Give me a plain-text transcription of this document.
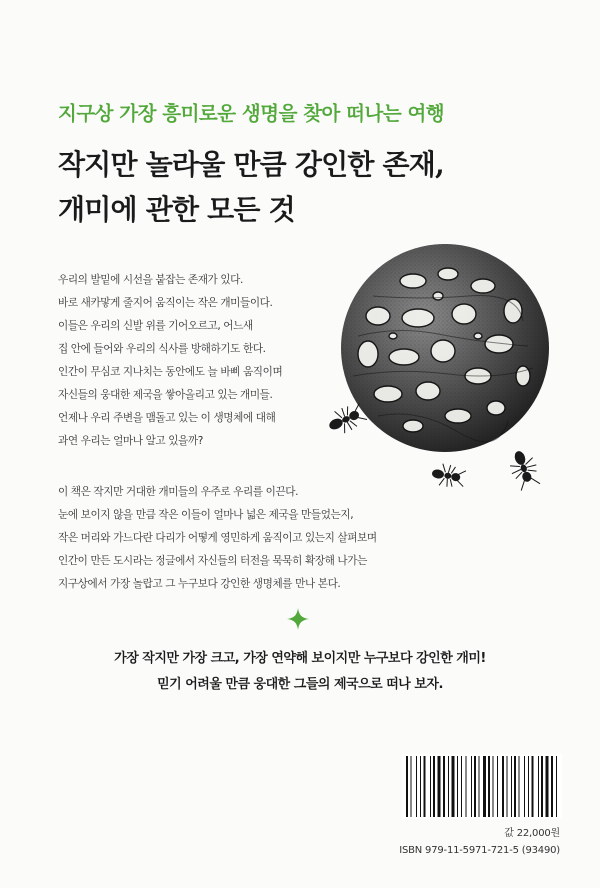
지구상 가장 흥미로운 생명을 찾아 떠나는 여행
작지만 놀라울 만큼 강인한 존재,
개미에 관한 모든 것
우리의 발밑에 시선을 붙잡는 존재가 있다.
바로 새카맣게 줄지어 움직이는 작은 개미들이다.
이들은 우리의 신발 위를 기어오르고, 어느새
집 안에 들어와 우리의 식사를 방해하기도 한다.
인간이 무심코 지나치는 동안에도 늘 바삐 움직이며
자신들의 웅대한 제국을 쌓아올리고 있는 개미들.
언제나 우리 주변을 맴돌고 있는 이 생명체에 대해
과연 우리는 얼마나 알고 있을까?
이 책은 작지만 거대한 개미들의 우주로 우리를 이끈다.
눈에 보이지 않을 만큼 작은 이들이 얼마나 넓은 제국을 만들었는지,
작은 머리와 가느다란 다리가 어떻게 영민하게 움직이고 있는지 살펴보며
인간이 만든 도시라는 정글에서 자신들의 터전을 묵묵히 확장해 나가는
지구상에서 가장 놀랍고 그 누구보다 강인한 생명체를 만나 본다.
가장 작지만 가장 크고, 가장 연약해 보이지만 누구보다 강인한 개미!
믿기 어려울 만큼 웅대한 그들의 제국으로 떠나 보자.
값 22,000원
ISBN 979-11-5971-721-5 (93490)
